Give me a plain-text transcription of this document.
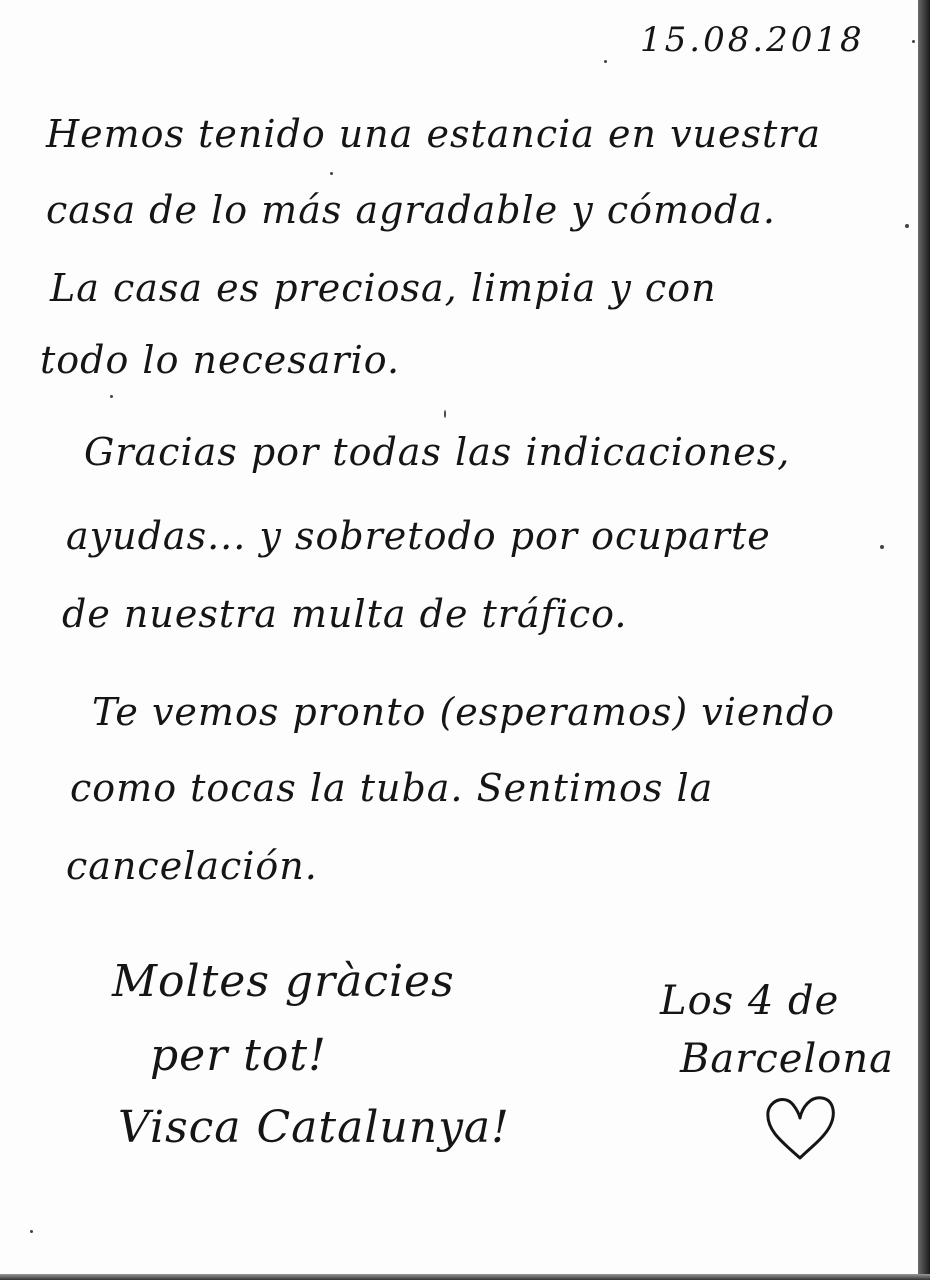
15.08.2018
Hemos tenido una estancia en vuestra
casa de lo más agradable y cómoda.
La casa es preciosa, limpia y con
todo lo necesario.
Gracias por todas las indicaciones,
ayudas... y sobretodo por ocuparte
de nuestra multa de tráfico.
Te vemos pronto (esperamos) viendo
como tocas la tuba. Sentimos la
cancelación.
Moltes gràcies
per tot!
Visca Catalunya!
Los 4 de
Barcelona
